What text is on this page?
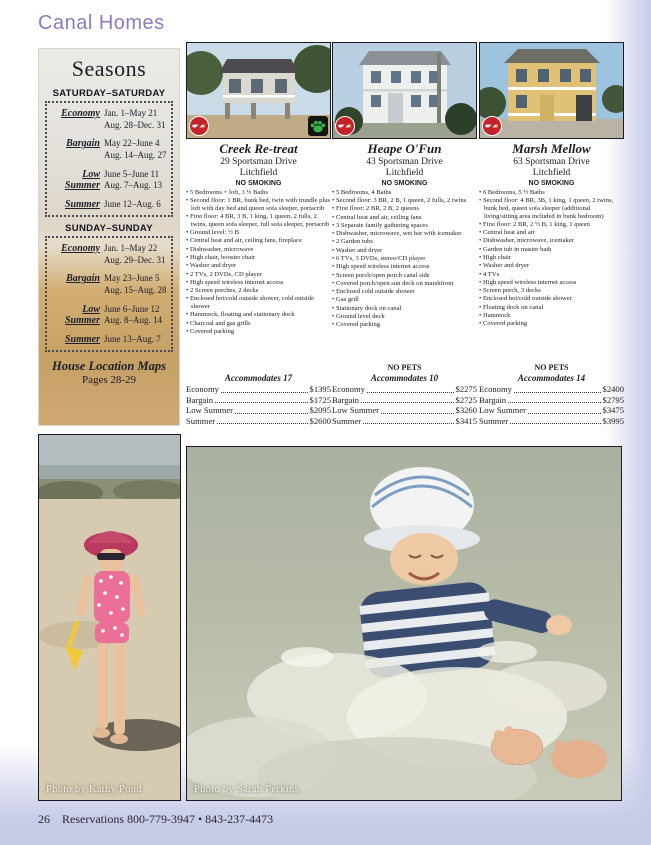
Canal Homes
Seasons
SATURDAY–SATURDAY
Economy Jan. 1–May 21
Aug. 28–Dec. 31
Bargain May 22–June 4
Aug. 14–Aug. 27
Low Summer
June 5–June 11
Aug. 7–Aug. 13
Summer June 12–Aug. 6
SUNDAY–SUNDAY
Economy Jan. 1–May 22
Aug. 29–Dec. 31
Bargain May 23–June 5
Aug. 15–Aug. 28
Low Summer
June 6–June 12
Aug. 8–Aug. 14
Summer June 13–Aug. 7
House Location Maps
Pages 28-29
Creek Re-treat
29 Sportsman Drive
Litchfield
NO SMOKING
• 5 Bedrooms + loft, 3 ½ Baths
• Second floor: 1 BR, bunk bed, twin with trundle plus loft with day bed and queen sofa sleeper, portacrib
• First floor: 4 BR, 3 B, 1 king, 1 queen, 2 fulls, 2 twins, queen sofa sleeper, full sofa sleeper, portacrib
• Ground level: ½ B
• Central heat and air, ceiling fans, fireplace
• Dishwasher, microwave
• High chair, booster chair
• Washer and dryer
• 2 TVs, 2 DVDs, CD player
• High speed wireless internet access
• 2 Screen porches, 2 decks
• Enclosed hot/cold outside shower, cold outside shower
• Hammock, floating and stationary dock
• Charcoal and gas grills
• Covered parking
Accommodates 17
Economy	$1395
Bargain	$1725
Low Summer	$2095
Summer	$2600
Heape O'Fun
43 Sportsman Drive
Litchfield
NO SMOKING
• 5 Bedrooms, 4 Baths
• Second floor: 3 BR, 2 B, 1 queen, 2 fulls, 2 twins
• First floor: 2 BR, 2 B, 2 queens
• Central heat and air, ceiling fans
• 3 Separate family gathering spaces
• Dishwasher, microwave, wet bar with icemaker
• 2 Garden tubs
• Washer and dryer
• 6 TVs, 3 DVDs, stereo/CD player
• High speed wireless internet access
• Screen porch/open porch canal side
• Covered porch/open sun deck on marshfront
• Enclosed cold outside shower
• Gas grill
• Stationary dock on canal
• Ground level deck
• Covered parking
NO PETS
Accommodates 10
Economy	$2275
Bargain	$2725
Low Summer	$3260
Summer	$3415
Marsh Mellow
63 Sportsman Drive
Litchfield
NO SMOKING
• 6 Bedrooms, 5 ½ Baths
• Second floor: 4 BR, 3B, 1 king, 1 queen, 2 twins, bunk bed, queen sofa sleeper (additional living/sitting area included in bunk bedroom)
• First floor: 2 BR, 2 ½ B, 1 king, 1 queen
• Central heat and air
• Dishwasher, microwave, icemaker
• Garden tub in master bath
• High chair
• Washer and dryer
• 4 TVs
• High speed wireless internet access
• Screen porch, 3 decks
• Enclosed hot/cold outside shower
• Floating dock on canal
• Hammock
• Covered parking
NO PETS
Accommodates 14
Economy	$2400
Bargain	$2795
Low Summer	$3475
Summer	$3995
Photo by Kathy Pond	Photo by Sarah Perkins
26 Reservations 800-779-3947 • 843-237-4473
